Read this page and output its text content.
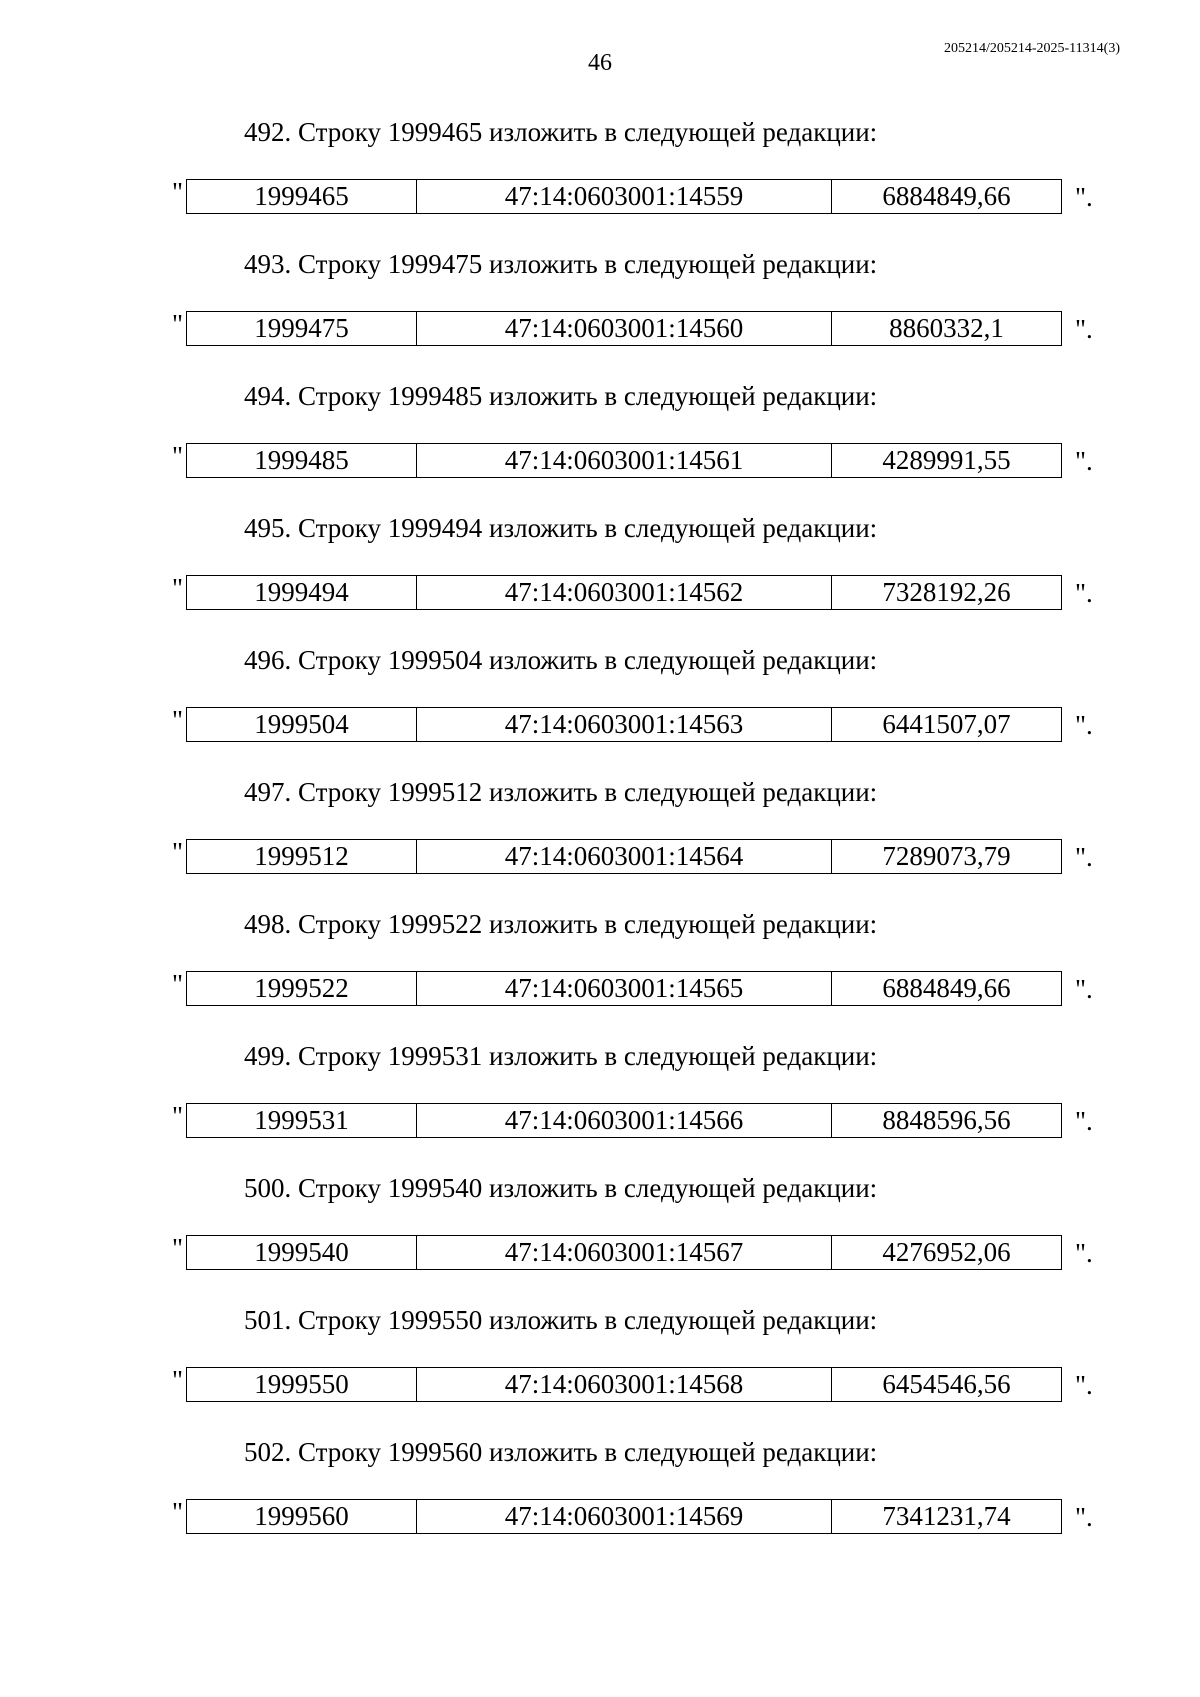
46
205214/205214-2025-11314(3)
492. Строку 1999465 изложить в следующей редакции:
"	1999465	47:14:0603001:14559	6884849,66 ".
493. Строку 1999475 изложить в следующей редакции:
"	1999475	47:14:0603001:14560	8860332,1	".
494. Строку 1999485 изложить в следующей редакции:
"	1999485	47:14:0603001:14561	4289991,55 ".
495. Строку 1999494 изложить в следующей редакции:
"	1999494	47:14:0603001:14562	7328192,26 ".
496. Строку 1999504 изложить в следующей редакции:
"	1999504	47:14:0603001:14563	6441507,07 ".
497. Строку 1999512 изложить в следующей редакции:
"	1999512	47:14:0603001:14564	7289073,79 ".
498. Строку 1999522 изложить в следующей редакции:
"	1999522	47:14:0603001:14565	6884849,66 ".
499. Строку 1999531 изложить в следующей редакции:
"	1999531	47:14:0603001:14566	8848596,56 ".
500. Строку 1999540 изложить в следующей редакции:
"	1999540	47:14:0603001:14567	4276952,06 ".
501. Строку 1999550 изложить в следующей редакции:
"	1999550	47:14:0603001:14568	6454546,56 ".
502. Строку 1999560 изложить в следующей редакции:
"	1999560	47:14:0603001:14569	7341231,74 ".
